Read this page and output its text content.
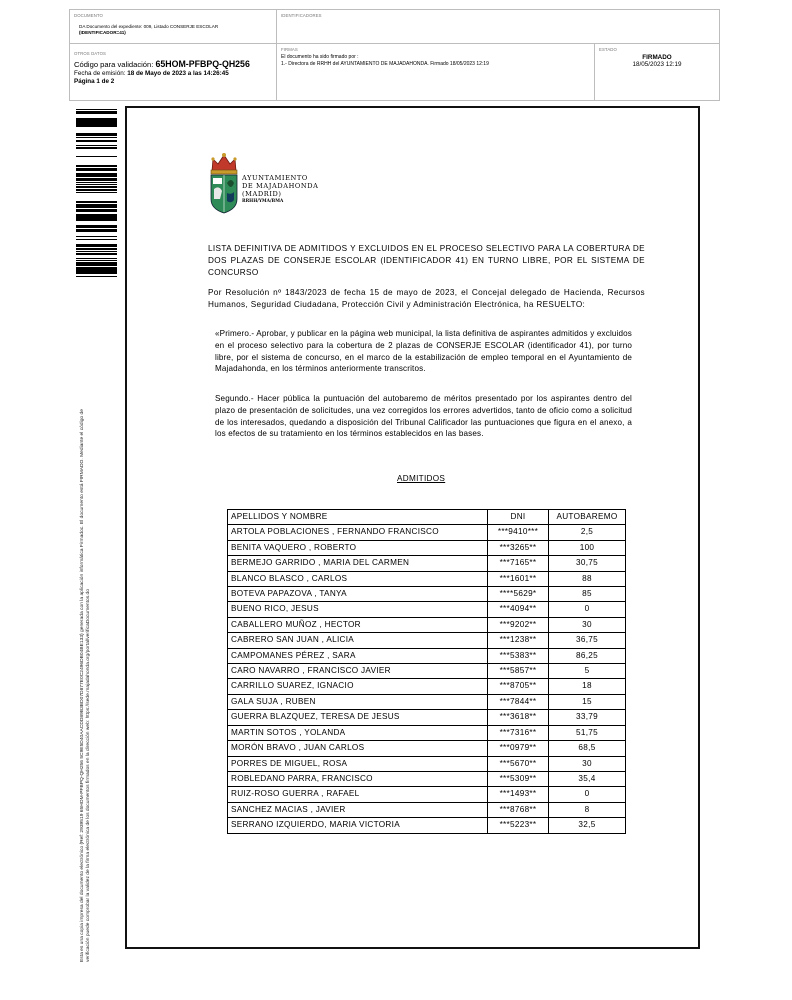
DOCUMENTO
DA Documento del expediente: 009, Listado CONSERJE ESCOLAR
(IDENTIFICADOR=41)
IDENTIFICADORES
OTROS DATOS
Código para validación: 65HOM-PFBPQ-QH256
Fecha de emisión: 18 de Mayo de 2023 a las 14:26:45
Página 1 de 2
FIRMAS
El documento ha sido firmado por :
1.- Directora de RRHH del AYUNTAMIENTO DE MAJADAHONDA. Firmado 18/05/2023 12:19
ESTADO
FIRMADO
18/05/2023 12:19
Esta es una copia impresa del documento electrónico (Ref: 2939519 65HOM-PFBPQ-QH256 5C9E5D40AACDD89B3BD07D877E0C2496DB04BE133) generada con la aplicación informática Firmadoc. El documento está FIRMADO. Mediante el código de verificación puede comprobar la validez de la firma electrónica de los documentos firmados en la dirección web: https://sede.majadahonda.org/portal/verificaDocumentos.do
AYUNTAMIENTO
DE MAJADAHONDA
(MADRID)
RRHH/YMA/BMA
LISTA DEFINITIVA DE ADMITIDOS Y EXCLUIDOS EN EL PROCESO SELECTIVO PARA LA COBERTURA DE DOS PLAZAS DE CONSERJE ESCOLAR (IDENTIFICADOR 41) EN TURNO LIBRE, POR EL SISTEMA DE CONCURSO
Por Resolución nº 1843/2023 de fecha 15 de mayo de 2023, el Concejal delegado de Hacienda, Recursos Humanos, Seguridad Ciudadana, Protección Civil y Administración Electrónica, ha RESUELTO:
«Primero.- Aprobar, y publicar en la página web municipal, la lista definitiva de aspirantes admitidos y excluidos en el proceso selectivo para la cobertura de 2 plazas de CONSERJE ESCOLAR (identificador 41), por turno libre, por el sistema de concurso, en el marco de la estabilización de empleo temporal en el Ayuntamiento de Majadahonda, en los términos anteriormente transcritos.
Segundo.- Hacer pública la puntuación del autobaremo de méritos presentado por los aspirantes dentro del plazo de presentación de solicitudes, una vez corregidos los errores advertidos, tanto de oficio como a solicitud de los interesados, quedando a disposición del Tribunal Calificador las puntuaciones que figura en el anexo, a los efectos de su tratamiento en los términos establecidos en las bases.
ADMITIDOS
APELLIDOS Y NOMBRE	DNI	AUTOBAREMO
ARTOLA POBLACIONES , FERNANDO FRANCISCO	***9410***	2,5
BENITA VAQUERO , ROBERTO	***3265**	100
BERMEJO GARRIDO , MARIA DEL CARMEN	***7165**	30,75
BLANCO BLASCO , CARLOS	***1601**	88
BOTEVA PAPAZOVA , TANYA	****5629*	85
BUENO RICO, JESUS	***4094**	0
CABALLERO MUÑOZ , HECTOR	***9202**	30
CABRERO SAN JUAN , ALICIA	***1238**	36,75
CAMPOMANES PÉREZ , SARA	***5383**	86,25
CARO NAVARRO , FRANCISCO JAVIER	***5857**	5
CARRILLO SUAREZ, IGNACIO	***8705**	18
GALA SUJA , RUBEN	***7844**	15
GUERRA BLAZQUEZ, TERESA DE JESUS	***3618**	33,79
MARTIN SOTOS , YOLANDA	***7316**	51,75
MORÓN BRAVO , JUAN CARLOS	***0979**	68,5
PORRES DE MIGUEL, ROSA	***5670**	30
ROBLEDANO PARRA, FRANCISCO	***5309**	35,4
RUIZ-ROSO GUERRA , RAFAEL	***1493**	0
SANCHEZ MACIAS , JAVIER	***8768**	8
SERRANO IZQUIERDO, MARIA VICTORIA	***5223**	32,5
